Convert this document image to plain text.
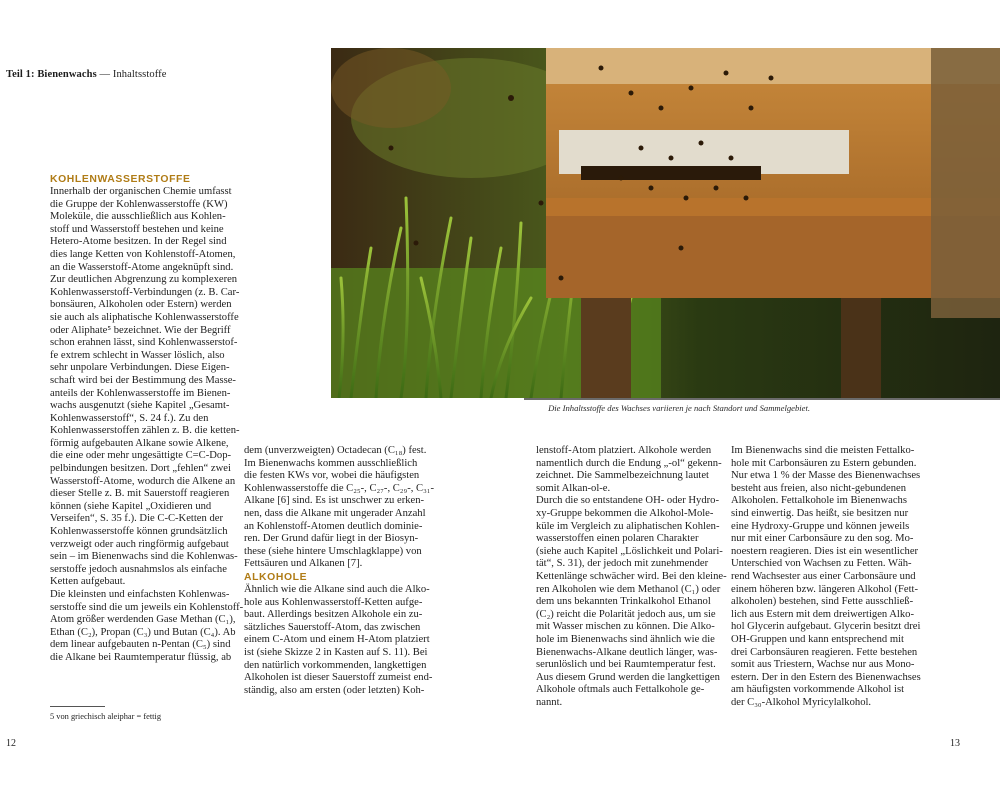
Teil 1: Bienenwachs — Inhaltsstoffe
Die Inhaltsstoffe des Wachses variieren je nach Standort und Sammelgebiet.

KOHLENWASSERSTOFFE

Innerhalb der organischen Chemie umfasst

die Gruppe der Kohlenwasserstoffe (KW)

Moleküle, die ausschließlich aus Kohlen-

stoff und Wasserstoff bestehen und keine

Hetero-Atome besitzen. In der Regel sind

dies lange Ketten von Kohlenstoff-Atomen,

an die Wasserstoff-Atome angeknüpft sind.

Zur deutlichen Abgrenzung zu komplexeren

Kohlenwasserstoff-Verbindungen (z. B. Car-

bonsäuren, Alkoholen oder Estern) werden

sie auch als aliphatische Kohlenwasserstoffe

oder Aliphate⁵ bezeichnet. Wie der Begriff

schon erahnen lässt, sind Kohlenwasserstof-

fe extrem schlecht in Wasser löslich, also

sehr unpolare Verbindungen. Diese Eigen-

schaft wird bei der Bestimmung des Masse-

anteils der Kohlenwasserstoffe im Bienen-

wachs ausgenutzt (siehe Kapitel „Gesamt-

Kohlenwasserstoff“, S. 24 f.). Zu den

Kohlenwasserstoffen zählen z. B. die ketten-

förmig aufgebauten Alkane sowie Alkene,

die eine oder mehr ungesättigte C=C-Dop-

pelbindungen besitzen. Dort „fehlen“ zwei

Wasserstoff-Atome, wodurch die Alkene an

dieser Stelle z. B. mit Sauerstoff reagieren

können (siehe Kapitel „Oxidieren und

Verseifen“, S. 35 f.). Die C-C-Ketten der

Kohlenwasserstoffe können grundsätzlich

verzweigt oder auch ringförmig aufgebaut

sein – im Bienenwachs sind die Kohlenwas-

serstoffe jedoch ausnahmslos als einfache

Ketten aufgebaut.

Die kleinsten und einfachsten Kohlenwas-

serstoffe sind die um jeweils ein Kohlenstoff-

Atom größer werdenden Gase Methan (C₁),

Ethan (C₂), Propan (C₃) und Butan (C₄). Ab

dem linear aufgebauten n-Pentan (C₅) sind

die Alkane bei Raumtemperatur flüssig, ab

dem (unverzweigten) Octadecan (C₁₈) fest.

Im Bienenwachs kommen ausschließlich

die festen KWs vor, wobei die häufigsten

Kohlenwasserstoffe die C₂₅-, C₂₇-, C₂₉-, C₃₁-

Alkane [6] sind. Es ist unschwer zu erken-

nen, dass die Alkane mit ungerader Anzahl

an Kohlenstoff-Atomen deutlich dominie-

ren. Der Grund dafür liegt in der Biosyn-

these (siehe hintere Umschlagklappe) von

Fettsäuren und Alkanen [7].

ALKOHOLE

Ähnlich wie die Alkane sind auch die Alko-

hole aus Kohlenwasserstoff-Ketten aufge-

baut. Allerdings besitzen Alkohole ein zu-

sätzliches Sauerstoff-Atom, das zwischen

einem C-Atom und einem H-Atom platziert

ist (siehe Skizze 2 in Kasten auf S. 11). Bei

den natürlich vorkommenden, langkettigen

Alkoholen ist dieser Sauerstoff zumeist end-

ständig, also am ersten (oder letzten) Koh-

lenstoff-Atom platziert. Alkohole werden

namentlich durch die Endung „-ol“ gekenn-

zeichnet. Die Sammelbezeichnung lautet

somit Alkan-ol-e.

Durch die so entstandene OH- oder Hydro-

xy-Gruppe bekommen die Alkohol-Mole-

küle im Vergleich zu aliphatischen Kohlen-

wasserstoffen einen polaren Charakter

(siehe auch Kapitel „Löslichkeit und Polari-

tät“, S. 31), der jedoch mit zunehmender

Kettenlänge schwächer wird. Bei den kleine-

ren Alkoholen wie dem Methanol (C₁) oder

dem uns bekannten Trinkalkohol Ethanol

(C₂) reicht die Polarität jedoch aus, um sie

mit Wasser mischen zu können. Die Alko-

hole im Bienenwachs sind ähnlich wie die

Bienenwachs-Alkane deutlich länger, was-

serunlöslich und bei Raumtemperatur fest.

Aus diesem Grund werden die langkettigen

Alkohole oftmals auch Fettalkohole ge-

nannt.

Im Bienenwachs sind die meisten Fettalko-

hole mit Carbonsäuren zu Estern gebunden.

Nur etwa 1 % der Masse des Bienenwachses

besteht aus freien, also nicht-gebundenen

Alkoholen. Fettalkohole im Bienenwachs

sind einwertig. Das heißt, sie besitzen nur

eine Hydroxy-Gruppe und können jeweils

nur mit einer Carbonsäure zu den sog. Mo-

noestern reagieren. Dies ist ein wesentlicher

Unterschied von Wachsen zu Fetten. Wäh-

rend Wachsester aus einer Carbonsäure und

einem höheren bzw. längeren Alkohol (Fett-

alkoholen) bestehen, sind Fette ausschließ-

lich aus Estern mit dem dreiwertigen Alko-

hol Glycerin aufgebaut. Glycerin besitzt drei

OH-Gruppen und kann entsprechend mit

drei Carbonsäuren reagieren. Fette bestehen

somit aus Triestern, Wachse nur aus Mono-

estern. Der in den Estern des Bienenwachses

am häufigsten vorkommende Alkohol ist

der C₃₀-Alkohol Myricylalkohol.

5 von griechisch aleiphar = fettig
12	13
